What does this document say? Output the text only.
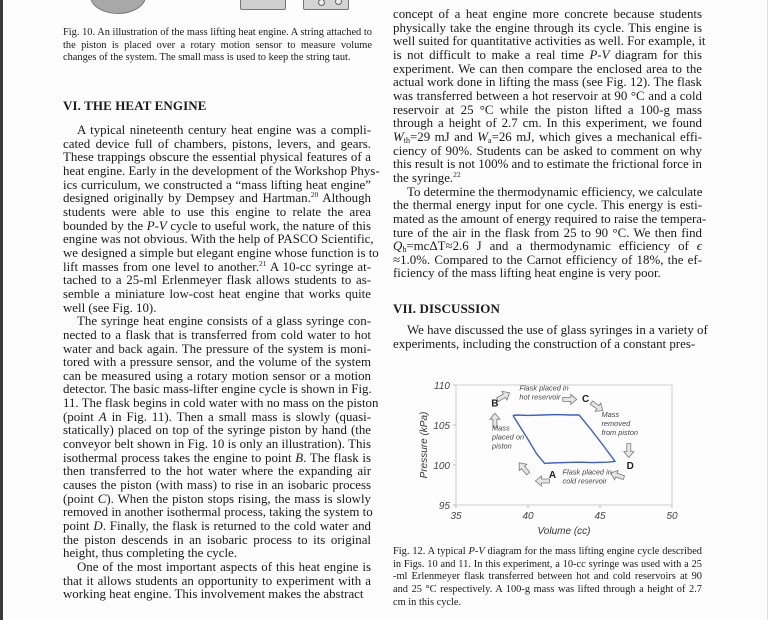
Fig. 10. An illustration of the mass lifting heat engine. A string attached to the piston is placed over a rotary motion sensor to measure volume changes of the system. The small mass is used to keep the string taut.
VI. THE HEAT ENGINE
A typical nineteenth century heat engine was a compli-
cated device full of chambers, pistons, levers, and gears.
These trappings obscure the essential physical features of a
heat engine. Early in the development of the Workshop Phys-
ics curriculum, we constructed a “mass lifting heat engine”
designed originally by Dempsey and Hartman.$^{20}$ Although
students were able to use this engine to relate the area
bounded by the P-V cycle to useful work, the nature of this
engine was not obvious. With the help of PASCO Scientific,
we designed a simple but elegant engine whose function is to
lift masses from one level to another.$^{21}$ A 10-cc syringe at-
tached to a 25-ml Erlenmeyer flask allows students to as-
semble a miniature low-cost heat engine that works quite
well (see Fig. 10).
The syringe heat engine consists of a glass syringe con-
nected to a flask that is transferred from cold water to hot
water and back again. The pressure of the system is moni-
tored with a pressure sensor, and the volume of the system
can be measured using a rotary motion sensor or a motion
detector. The basic mass-lifter engine cycle is shown in Fig.
11. The flask begins in cold water with no mass on the piston
(point A in Fig. 11). Then a small mass is slowly (quasi-
statically) placed on top of the syringe piston by hand (the
conveyor belt shown in Fig. 10 is only an illustration). This
isothermal process takes the engine to point B. The flask is
then transferred to the hot water where the expanding air
causes the piston (with mass) to rise in an isobaric process
(point C). When the piston stops rising, the mass is slowly
removed in another isothermal process, taking the system to
point D. Finally, the flask is returned to the cold water and
the piston descends in an isobaric process to its original
height, thus completing the cycle.
One of the most important aspects of this heat engine is
that it allows students an opportunity to experiment with a
working heat engine. This involvement makes the abstract
concept of a heat engine more concrete because students
physically take the engine through its cycle. This engine is
well suited for quantitative activities as well. For example, it
is not difficult to make a real time P-V diagram for this
experiment. We can then compare the enclosed area to the
actual work done in lifting the mass (see Fig. 12). The flask
was transferred between a hot reservoir at 90 °C and a cold
reservoir at 25 °C while the piston lifted a 100-g mass
through a height of 2.7 cm. In this experiment, we found
$W_{th}=29$ mJ and $W_a=26$ mJ, which gives a mechanical effi-
ciency of 90%. Students can be asked to comment on why
this result is not 100% and to estimate the frictional force in
the syringe.$^{22}$
To determine the thermodynamic efficiency, we calculate
the thermal energy input for one cycle. This energy is esti-
mated as the amount of energy required to raise the tempera-
ture of the air in the flask from 25 to 90 °C. We then find
$Q_h=mc\Delta T\approx 2.6$ J and a thermodynamic efficiency of ϵ
≈1.0%. Compared to the Carnot efficiency of 18%, the ef-
ficiency of the mass lifting heat engine is very poor.
VII. DISCUSSION
We have discussed the use of glass syringes in a variety of
experiments, including the construction of a constant pres-
95
100
105
110
35	40	45	50
Volume (cc)
Pressure (kPa)	A
B	C
D
Flask placed in hot reservoir
Mass removed from piston
Mass placed on piston
Flask placed in cold reservoir
Fig. 12. A typical P-V diagram for the mass lifting engine cycle described in Figs. 10 and 11. In this experiment, a 10-cc syringe was used with a 25 -ml Erlenmeyer flask transferred between hot and cold reservoirs at 90 and 25 °C respectively. A 100-g mass was lifted through a height of 2.7 cm in this cycle.
